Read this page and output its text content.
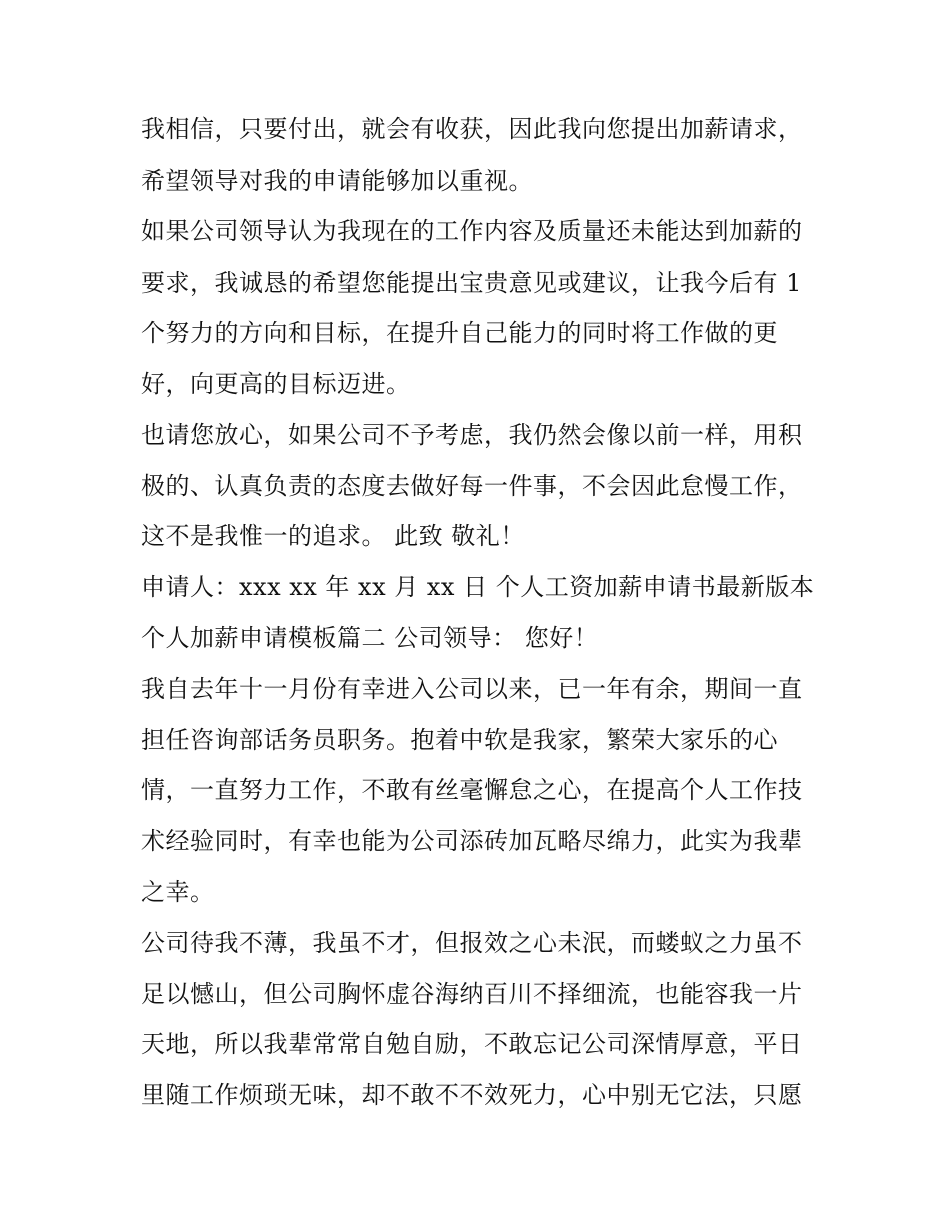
我相信，只要付出，就会有收获，因此我向您提出加薪请求，
希望领导对我的申请能够加以重视。
如果公司领导认为我现在的工作内容及质量还未能达到加薪的
要求，我诚恳的希望您能提出宝贵意见或建议，让我今后有 1
个努力的方向和目标，在提升自己能力的同时将工作做的更
好，向更高的目标迈进。
也请您放心，如果公司不予考虑，我仍然会像以前一样，用积
极的、认真负责的态度去做好每一件事，不会因此怠慢工作，
这不是我惟一的追求。 此致 敬礼！
申请人：xxx xx 年 xx 月 xx 日 个人工资加薪申请书最新版本
个人加薪申请模板篇二 公司领导： 您好！
我自去年十一月份有幸进入公司以来，已一年有余，期间一直
担任咨询部话务员职务。抱着中软是我家，繁荣大家乐的心
情，一直努力工作，不敢有丝毫懈怠之心，在提高个人工作技
术经验同时，有幸也能为公司添砖加瓦略尽绵力，此实为我辈
之幸。
公司待我不薄，我虽不才，但报效之心未泯，而蝼蚁之力虽不
足以憾山，但公司胸怀虚谷海纳百川不择细流，也能容我一片
天地，所以我辈常常自勉自励，不敢忘记公司深情厚意，平日
里随工作烦琐无味，却不敢不不效死力，心中别无它法，只愿
